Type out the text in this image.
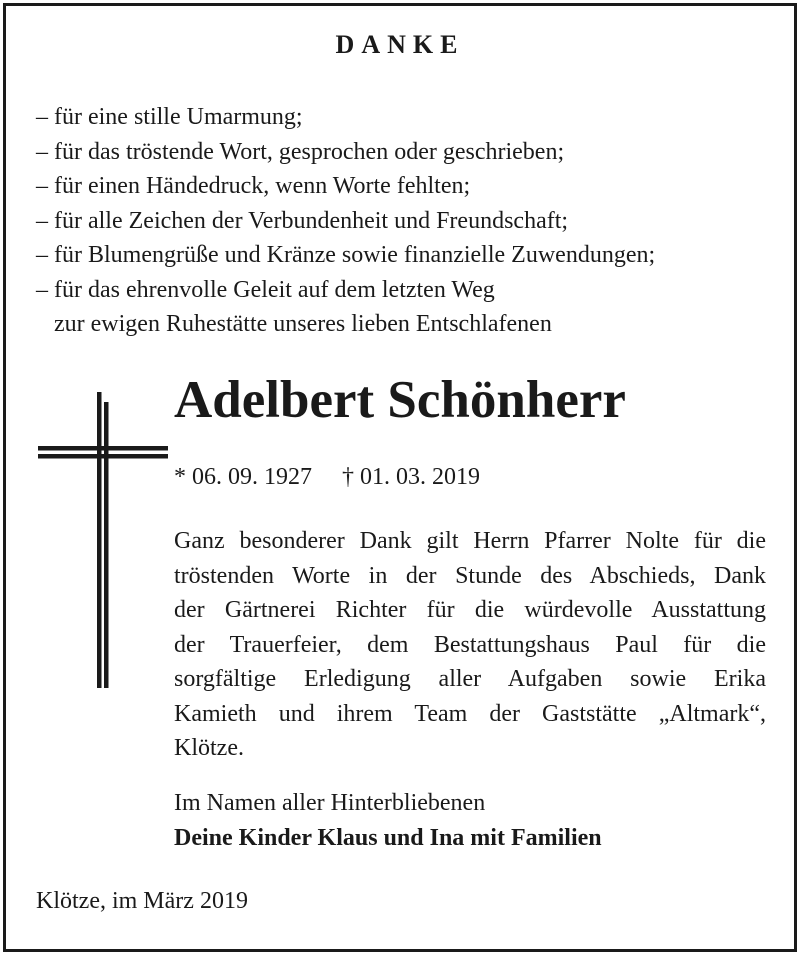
DANKE
– für eine stille Umarmung;
– für das tröstende Wort, gesprochen oder geschrieben;
– für einen Händedruck, wenn Worte fehlten;
– für alle Zeichen der Verbundenheit und Freundschaft;
– für Blumengrüße und Kränze sowie finanzielle Zuwendungen;
– für das ehrenvolle Geleit auf dem letzten Weg
zur ewigen Ruhestätte unseres lieben Entschlafenen
Adelbert Schönherr
* 06. 09. 1927 † 01. 03. 2019

Ganz besonderer Dank gilt Herrn Pfarrer Nolte für die
tröstenden Worte in der Stunde des Abschieds, Dank
der Gärtnerei Richter für die würdevolle Ausstattung
der Trauerfeier, dem Bestattungshaus Paul für die
sorgfältige Erledigung aller Aufgaben sowie Erika
Kamieth und ihrem Team der Gaststätte „Altmark“,
Klötze.

Im Namen aller Hinterbliebenen
Deine Kinder Klaus und Ina mit Familien
Klötze, im März 2019
